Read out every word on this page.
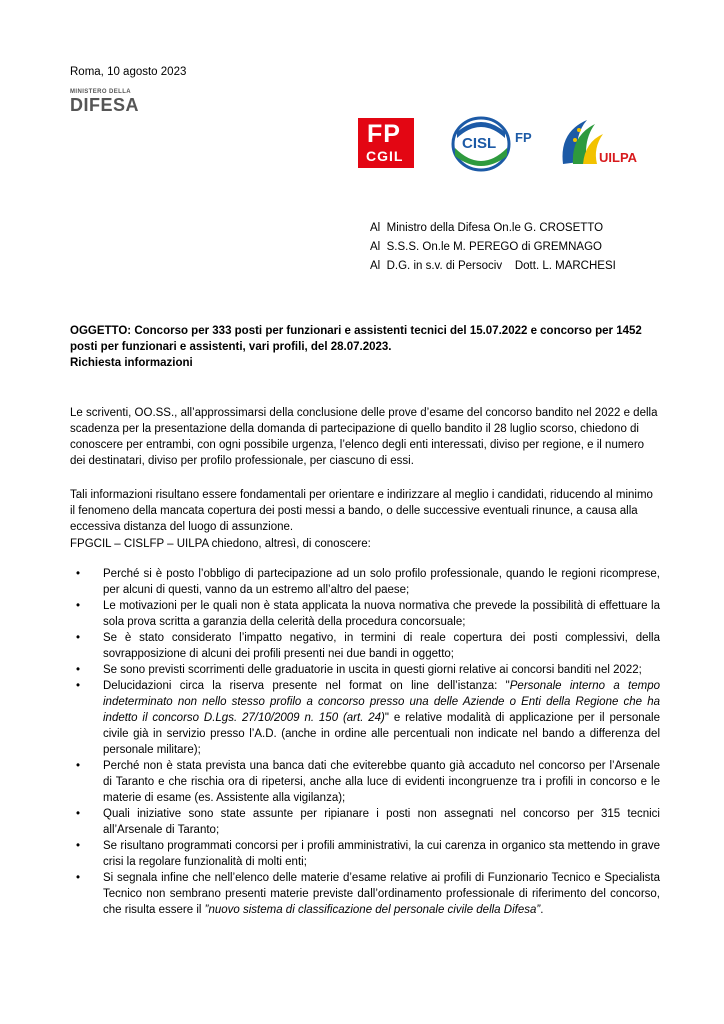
Roma, 10 agosto 2023
MINISTERO DELLA
DIFESA
FP
CGIL
CISL FP
UILPA
Al  Ministro della Difesa On.le G. CROSETTO
Al  S.S.S. On.le M. PEREGO di GREMNAGO
Al  D.G. in s.v. di Persociv    Dott. L. MARCHESI
OGGETTO: Concorso per 333 posti per funzionari e assistenti tecnici del 15.07.2022 e concorso per 1452 posti per funzionari e assistenti, vari profili, del 28.07.2023.
Richiesta informazioni
Le scriventi, OO.SS., all’approssimarsi della conclusione delle prove d’esame del concorso bandito nel 2022 e della scadenza per la presentazione della domanda di partecipazione di quello bandito il 28 luglio scorso, chiedono di conoscere per entrambi, con ogni possibile urgenza, l’elenco degli enti interessati, diviso per regione, e il numero dei destinatari, diviso per profilo professionale, per ciascuno di essi.
Tali informazioni risultano essere fondamentali per orientare e indirizzare al meglio i candidati, riducendo al minimo il fenomeno della mancata copertura dei posti messi a bando, o delle successive eventuali rinunce, a causa alla eccessiva distanza del luogo di assunzione.
FPGCIL – CISLFP – UILPA chiedono, altresì, di conoscere:
•	Perché si è posto l’obbligo di partecipazione ad un solo profilo professionale, quando le regioni ricomprese, per alcuni di questi, vanno da un estremo all’altro del paese;
•	Le motivazioni per le quali non è stata applicata la nuova normativa che prevede la possibilità di effettuare la sola prova scritta a garanzia della celerità della procedura concorsuale;
•	Se è stato considerato l’impatto negativo, in termini di reale copertura dei posti complessivi, della sovrapposizione di alcuni dei profili presenti nei due bandi in oggetto;
•	Se sono previsti scorrimenti delle graduatorie in uscita in questi giorni relative ai concorsi banditi nel 2022;
•	Delucidazioni circa la riserva presente nel format on line dell’istanza: "Personale interno a tempo indeterminato non nello stesso profilo a concorso presso una delle Aziende o Enti della Regione che ha indetto il concorso D.Lgs. 27/10/2009 n. 150 (art. 24)" e relative modalità di applicazione per il personale civile già in servizio presso l’A.D. (anche in ordine alle percentuali non indicate nel bando a differenza del personale militare);
•	Perché non è stata prevista una banca dati che eviterebbe quanto già accaduto nel concorso per l’Arsenale di Taranto e che rischia ora di ripetersi, anche alla luce di evidenti incongruenze tra i profili in concorso e le materie di esame (es. Assistente alla vigilanza);
•	Quali iniziative sono state assunte per ripianare i posti non assegnati nel concorso per 315 tecnici all’Arsenale di Taranto;
•	Se risultano programmati concorsi per i profili amministrativi, la cui carenza in organico sta mettendo in grave crisi la regolare funzionalità di molti enti;
•	Si segnala infine che nell’elenco delle materie d’esame relative ai profili di Funzionario Tecnico e Specialista Tecnico non sembrano presenti materie previste dall’ordinamento professionale di riferimento del concorso, che risulta essere il ”nuovo sistema di classificazione del personale civile della Difesa”.
